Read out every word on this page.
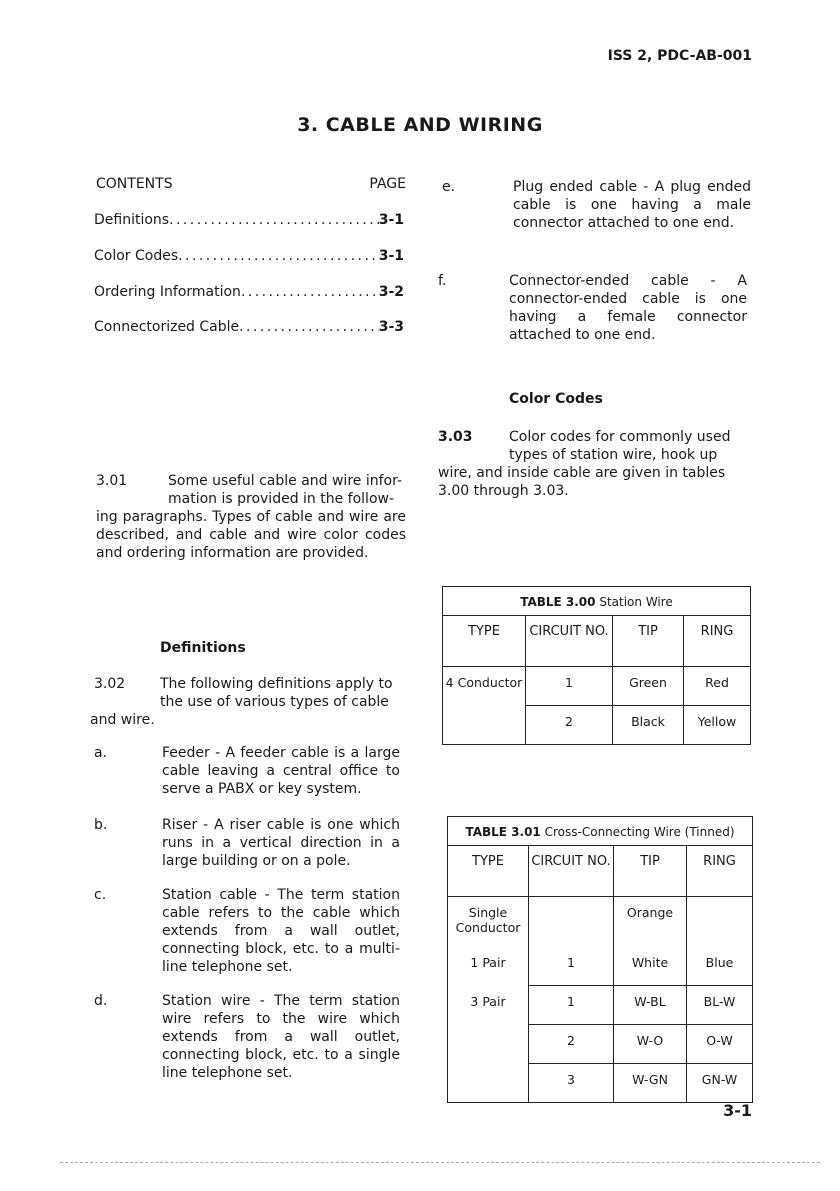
ISS 2, PDC-AB-001
3. CABLE AND WIRING
CONTENTS	PAGE
Definitions . . .	3-1
Color Codes . . .	3-1
Ordering Information . . .	3-2
Connectorized Cable . . .	3-3
3.01	Some useful cable and wire infor-
mation is provided in the follow-
ing paragraphs. Types of cable and wire are described, and cable and wire color codes and ordering information are provided.
Definitions
3.02 The following definitions apply to
the use of various types of cable
and wire.
a.	Feeder - A feeder cable is a large cable leaving a central office to serve a PABX or key system.
b.	Riser - A riser cable is one which runs in a vertical direction in a large building or on a pole.
c.	Station cable - The term station cable refers to the cable which extends from a wall outlet, connecting block, etc. to a multi-line telephone set.
d.	Station wire - The term station wire refers to the wire which extends from a wall outlet, connecting block, etc. to a single line telephone set.
e.	Plug ended cable - A plug ended cable is one having a male connector attached to one end.
f.	Connector-ended cable - A connector-ended cable is one having a female connector attached to one end.
Color Codes
3.03	Color codes for commonly used
types of station wire, hook up
wire, and inside cable are given in tables 3.00 through 3.03.
TABLE 3.00 Station Wire			
TYPE	CIRCUIT NO.	TIP	RING
4 Conductor	1	Green	Red
	2	Black	Yellow
TABLE 3.01 Cross-Connecting Wire (Tinned)			
TYPE	CIRCUIT NO.	TIP	RING
Single Conductor		Orange	
1 Pair	1	White	Blue
3 Pair	1	W-BL	BL-W
	2	W-O	O-W
	3	W-GN	GN-W
3-1
